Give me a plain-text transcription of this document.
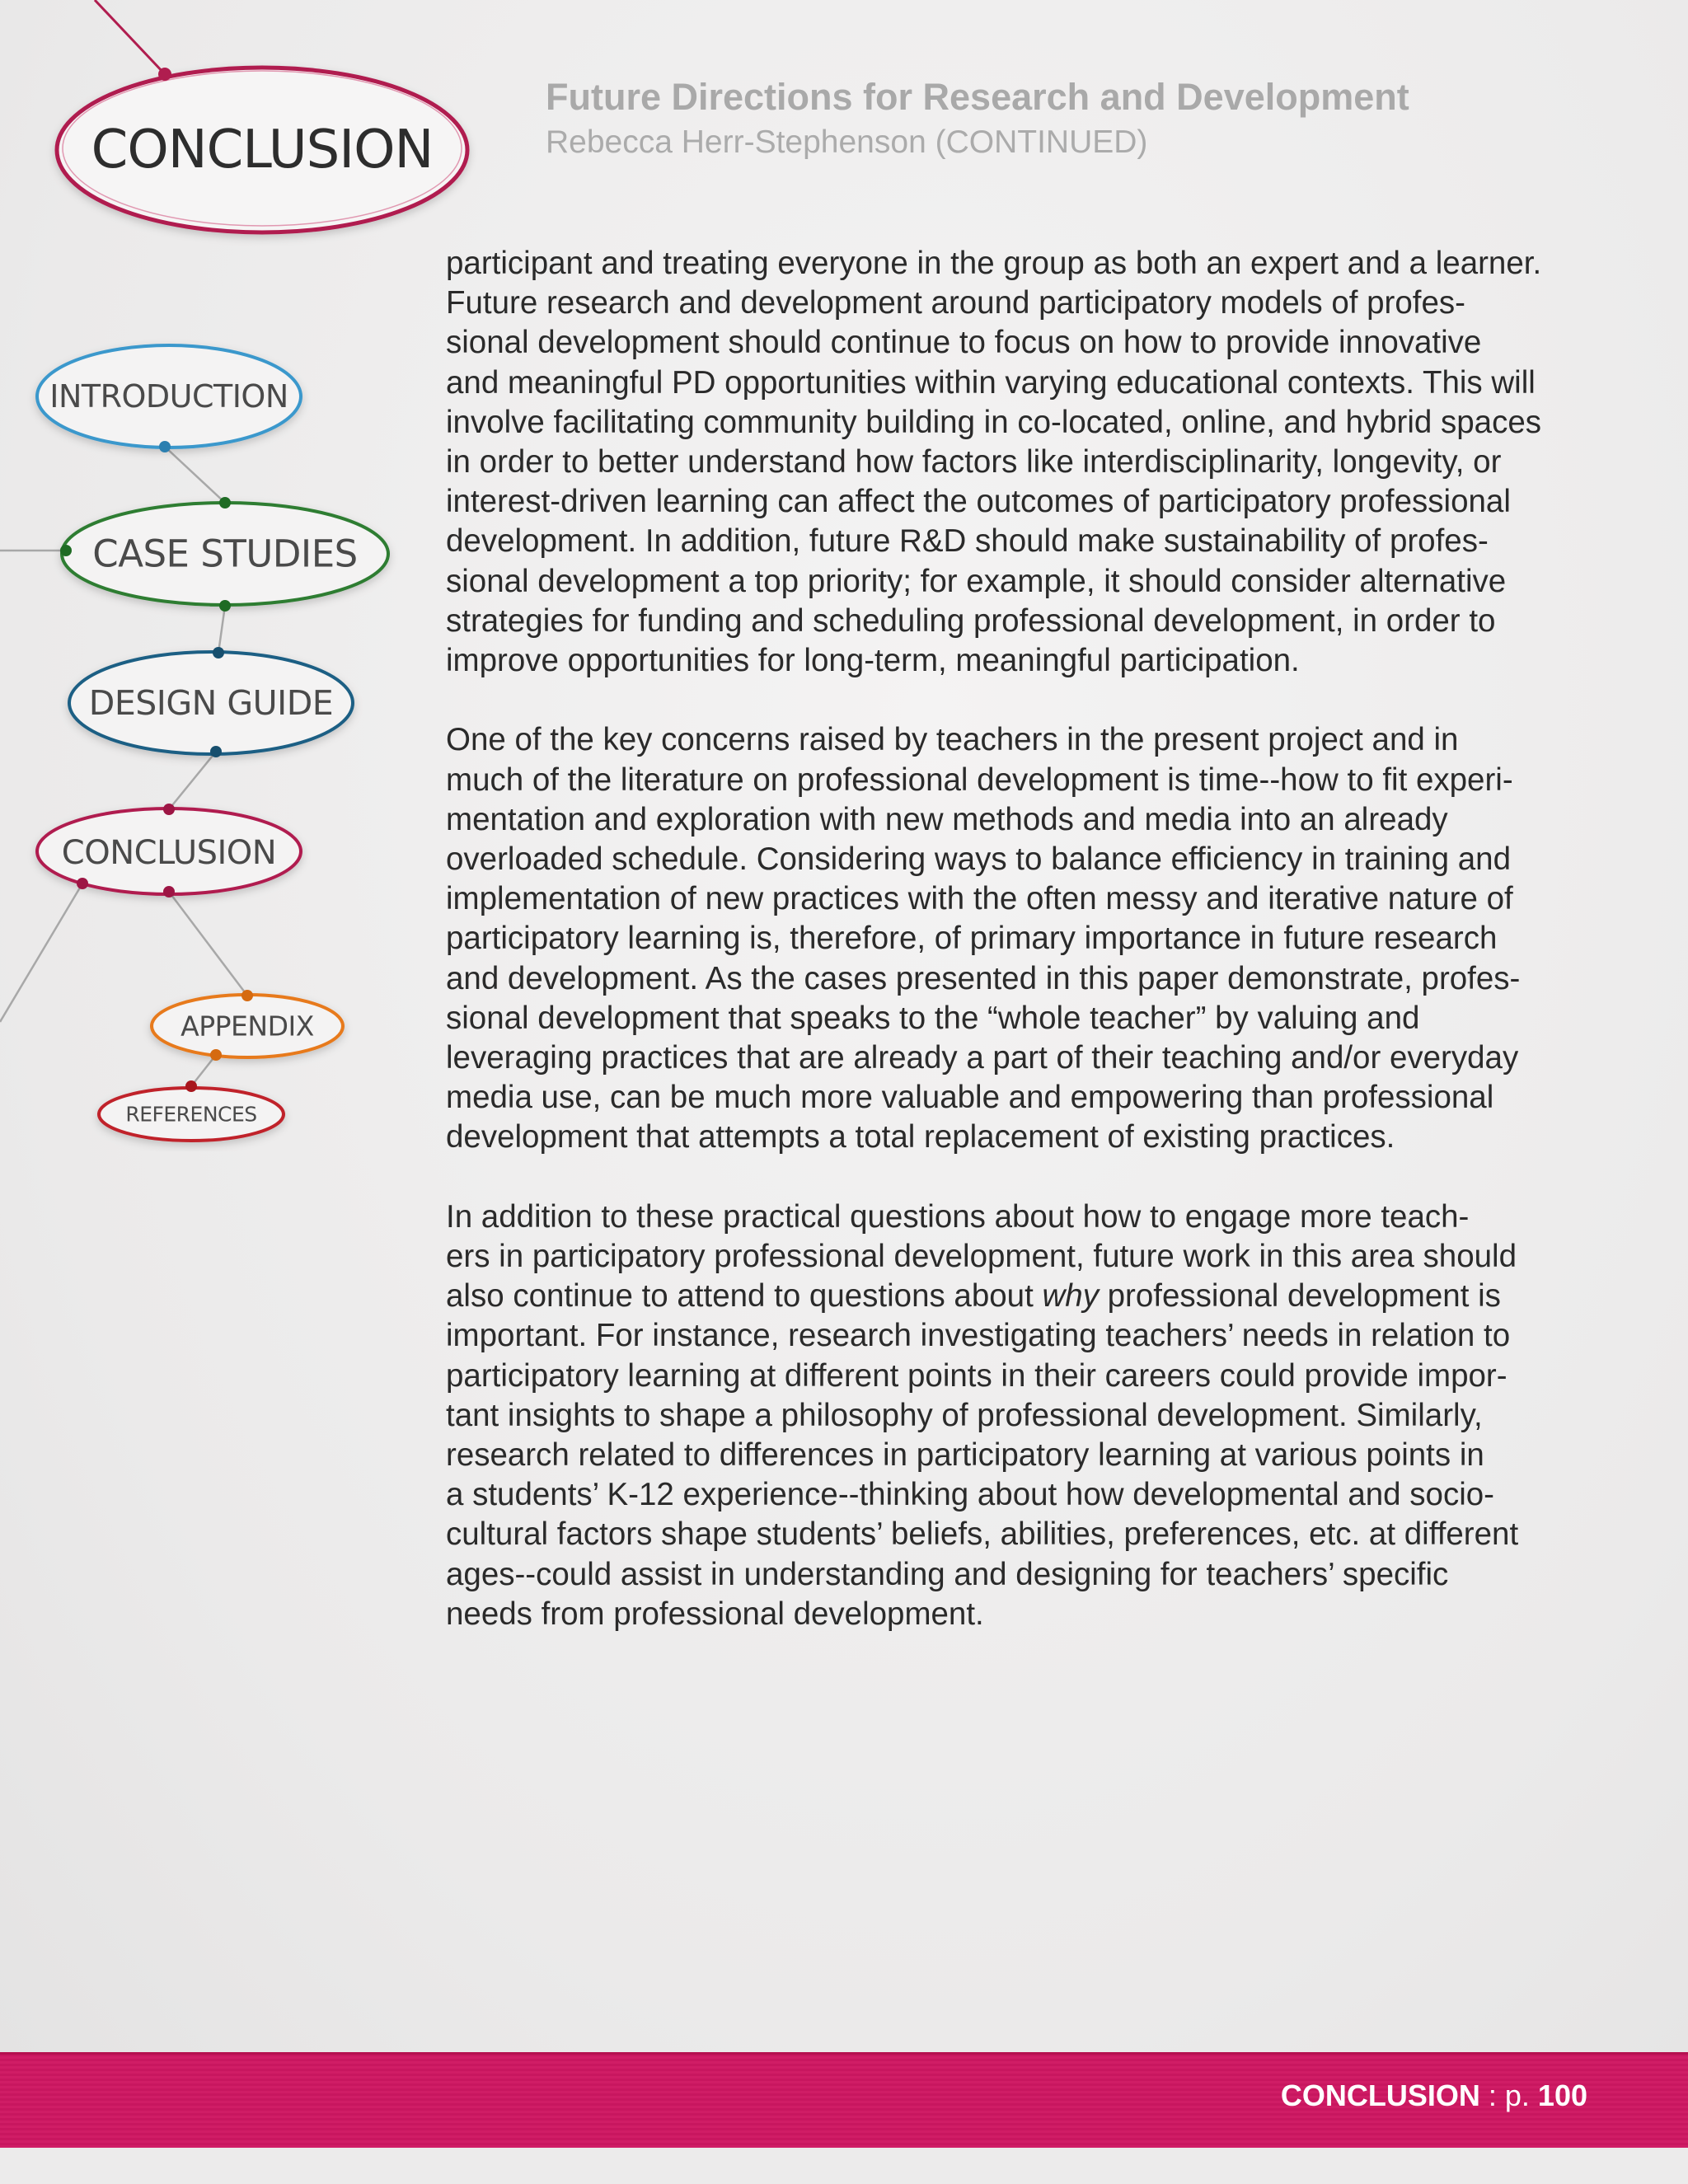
CONCLUSION
INTRODUCTION
CASE STUDIES
DESIGN GUIDE
CONCLUSION
APPENDIX
REFERENCES
Future Directions for Research and Development

Rebecca Herr-Stephenson (CONTINUED)

participant and treating everyone in the group as both an expert and a learner.
Future research and development around participatory models of profes-
sional development should continue to focus on how to provide innovative
and meaningful PD opportunities within varying educational contexts. This will
involve facilitating community building in co-located, online, and hybrid spaces
in order to better understand how factors like interdisciplinarity, longevity, or
interest-driven learning can affect the outcomes of participatory professional
development. In addition, future R&D should make sustainability of profes-
sional development a top priority; for example, it should consider alternative
strategies for funding and scheduling professional development, in order to
improve opportunities for long-term, meaningful participation.

One of the key concerns raised by teachers in the present project and in
much of the literature on professional development is time--how to fit experi-
mentation and exploration with new methods and media into an already
overloaded schedule. Considering ways to balance efficiency in training and
implementation of new practices with the often messy and iterative nature of
participatory learning is, therefore, of primary importance in future research
and development. As the cases presented in this paper demonstrate, profes-
sional development that speaks to the “whole teacher” by valuing and
leveraging practices that are already a part of their teaching and/or everyday
media use, can be much more valuable and empowering than professional
development that attempts a total replacement of existing practices.

In addition to these practical questions about how to engage more teach-
ers in participatory professional development, future work in this area should
also continue to attend to questions about why professional development is
important. For instance, research investigating teachers’ needs in relation to
participatory learning at different points in their careers could provide impor-
tant insights to shape a philosophy of professional development. Similarly,
research related to differences in participatory learning at various points in
a students’ K-12 experience--thinking about how developmental and socio-
cultural factors shape students’ beliefs, abilities, preferences, etc. at different
ages--could assist in understanding and designing for teachers’ specific
needs from professional development.

CONCLUSION : p. 100
